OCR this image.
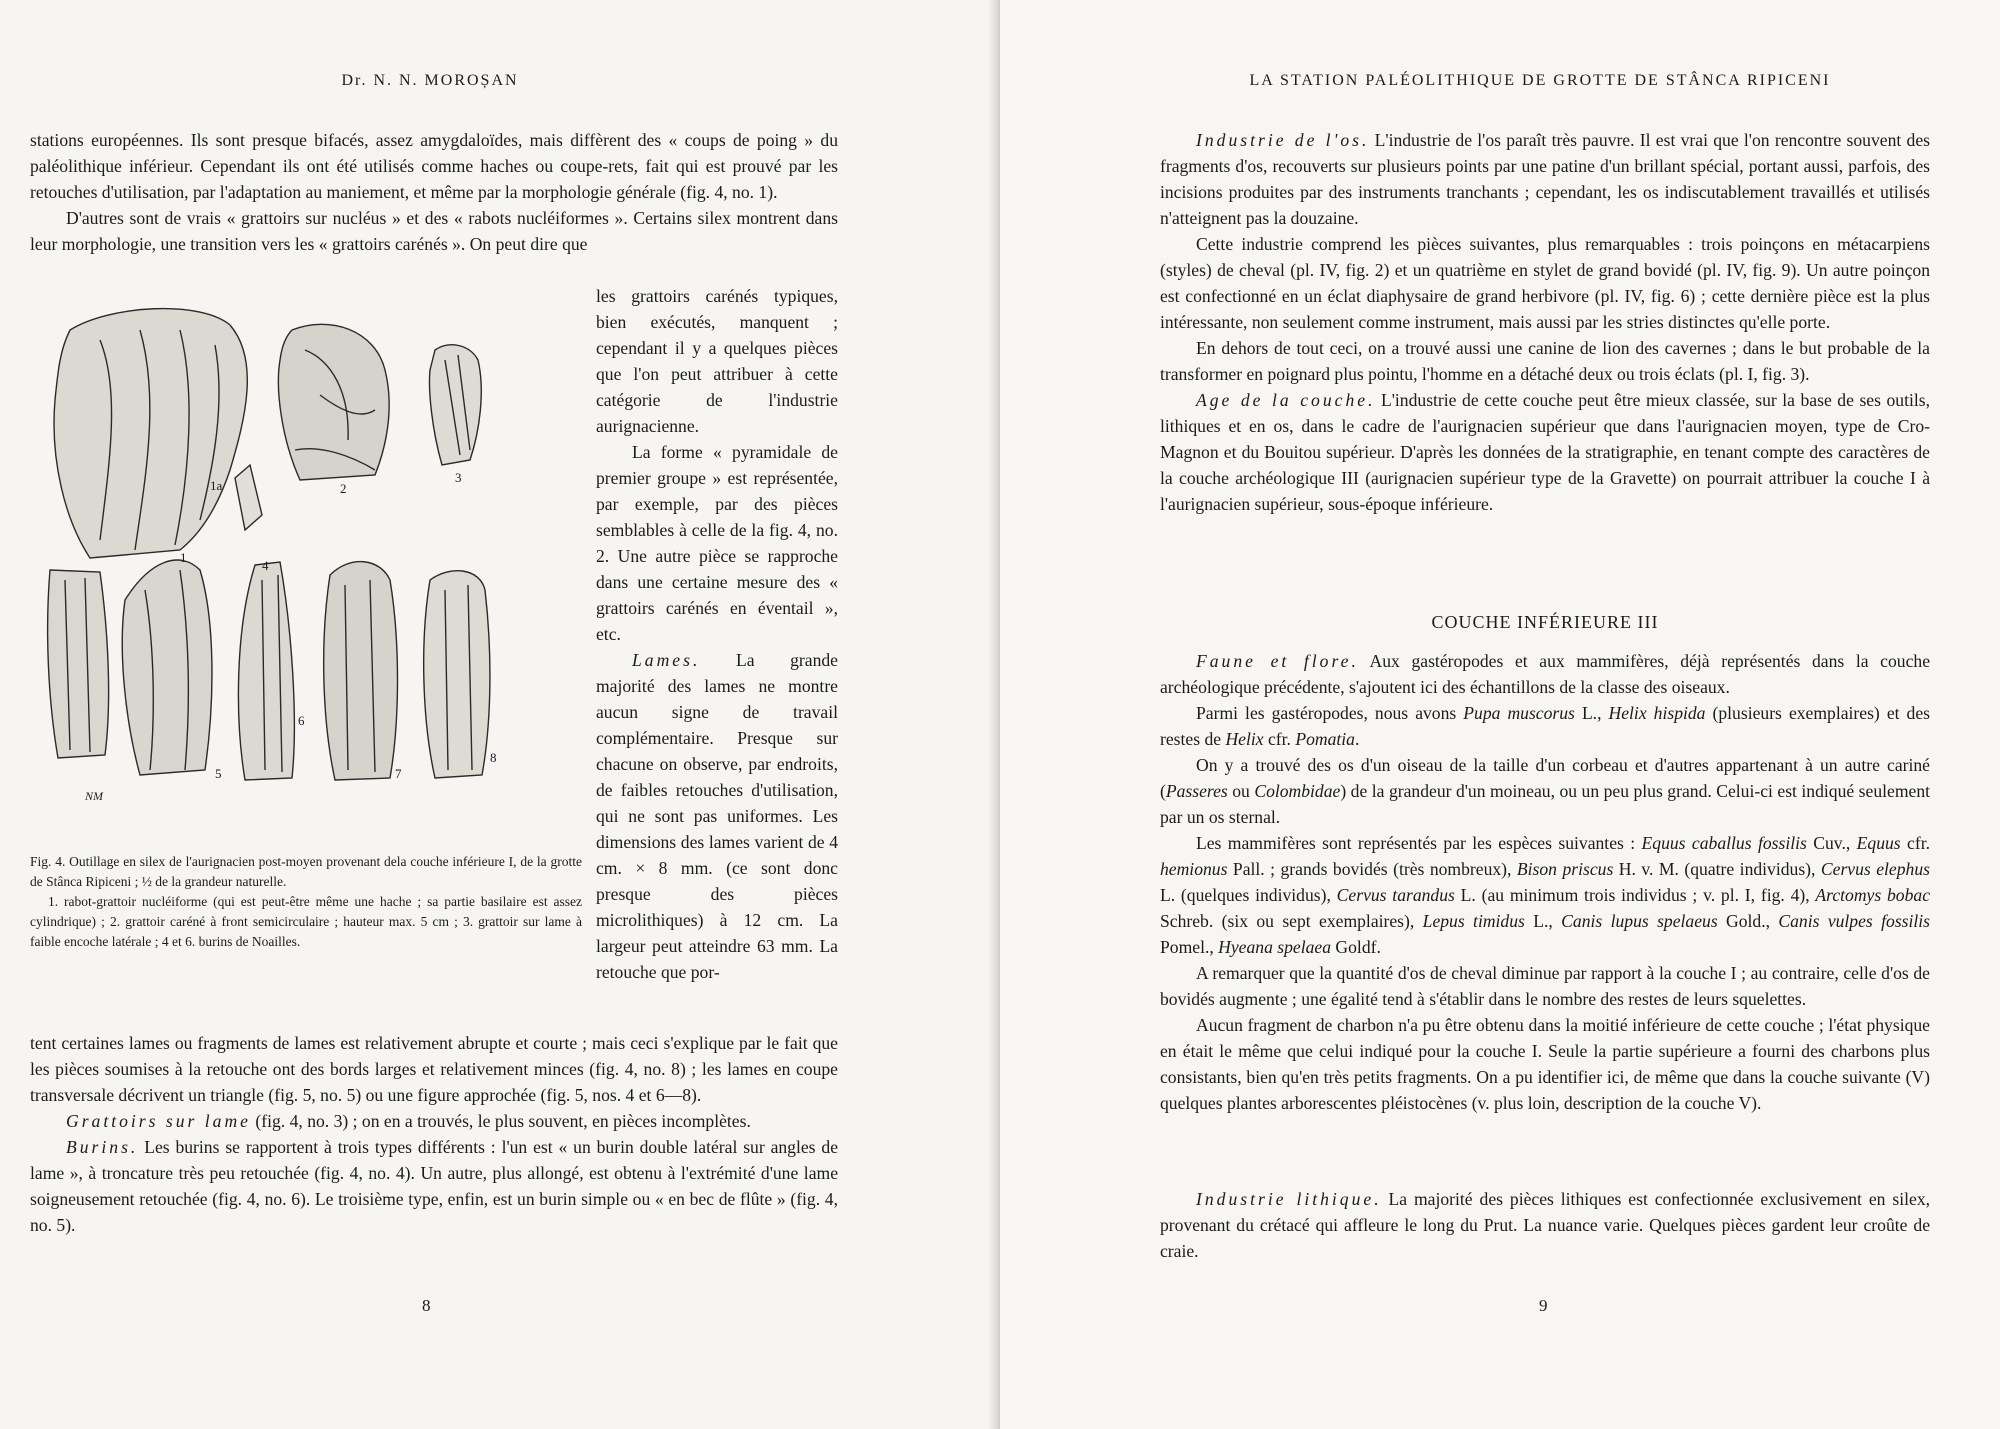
Dr. N. N. MOROȘAN

stations européennes. Ils sont presque bifacés, assez amygdaloïdes, mais diffèrent des « coups de poing » du paléolithique inférieur. Cependant ils ont été utilisés comme haches ou coupe-rets, fait qui est prouvé par les retouches d'utilisation, par l'adaptation au maniement, et même par la morphologie générale (fig. 4, no. 1).

D'autres sont de vrais « grattoirs sur nucléus » et des « rabots nucléiformes ». Certains silex montrent dans leur morphologie, une transition vers les « grattoirs carénés ». On peut dire que

1
1a	2
3
4
5
6
7
8
NM

Fig. 4. Outillage en silex de l'aurignacien post-moyen provenant dela couche inférieure I, de la grotte de Stânca Ripiceni ; ½ de la grandeur naturelle.

1. rabot-grattoir nucléiforme (qui est peut-être même une hache ; sa partie basilaire est assez cylindrique) ; 2. grattoir caréné à front semicirculaire ; hauteur max. 5 cm ; 3. grattoir sur lame à faible encoche latérale ; 4 et 6. burins de Noailles.

les grattoirs carénés typiques, bien exécutés, manquent ; cependant il y a quelques pièces que l'on peut attribuer à cette catégorie de l'industrie aurignacienne.

La forme « pyramidale de premier groupe » est représentée, par exemple, par des pièces semblables à celle de la fig. 4, no. 2. Une autre pièce se rapproche dans une certaine mesure des « grattoirs carénés en éventail », etc.

Lames. La grande majorité des lames ne montre aucun signe de travail complémentaire. Presque sur chacune on observe, par endroits, de faibles retouches d'utilisation, qui ne sont pas uniformes. Les dimensions des lames varient de 4 cm. × 8 mm. (ce sont donc presque des pièces microlithiques) à 12 cm. La largeur peut atteindre 63 mm. La retouche que por-

tent certaines lames ou fragments de lames est relativement abrupte et courte ; mais ceci s'explique par le fait que les pièces soumises à la retouche ont des bords larges et relativement minces (fig. 4, no. 8) ; les lames en coupe transversale décrivent un triangle (fig. 5, no. 5) ou une figure approchée (fig. 5, nos. 4 et 6—8).

Grattoirs sur lame (fig. 4, no. 3) ; on en a trouvés, le plus souvent, en pièces incomplètes.

Burins. Les burins se rapportent à trois types différents : l'un est « un burin double latéral sur angles de lame », à troncature très peu retouchée (fig. 4, no. 4). Un autre, plus allongé, est obtenu à l'extrémité d'une lame soigneusement retouchée (fig. 4, no. 6). Le troisième type, enfin, est un burin simple ou « en bec de flûte » (fig. 4, no. 5).

8
LA STATION PALÉOLITHIQUE DE GROTTE DE STÂNCA RIPICENI

Industrie de l'os. L'industrie de l'os paraît très pauvre. Il est vrai que l'on rencontre souvent des fragments d'os, recouverts sur plusieurs points par une patine d'un brillant spécial, portant aussi, parfois, des incisions produites par des instruments tranchants ; cependant, les os indiscutablement travaillés et utilisés n'atteignent pas la douzaine.

Cette industrie comprend les pièces suivantes, plus remarquables : trois poinçons en métacarpiens (styles) de cheval (pl. IV, fig. 2) et un quatrième en stylet de grand bovidé (pl. IV, fig. 9). Un autre poinçon est confectionné en un éclat diaphysaire de grand herbivore (pl. IV, fig. 6) ; cette dernière pièce est la plus intéressante, non seulement comme instrument, mais aussi par les stries distinctes qu'elle porte.

En dehors de tout ceci, on a trouvé aussi une canine de lion des cavernes ; dans le but probable de la transformer en poignard plus pointu, l'homme en a détaché deux ou trois éclats (pl. I, fig. 3).

Age de la couche. L'industrie de cette couche peut être mieux classée, sur la base de ses outils, lithiques et en os, dans le cadre de l'aurignacien supérieur que dans l'aurignacien moyen, type de Cro-Magnon et du Bouitou supérieur. D'après les données de la stratigraphie, en tenant compte des caractères de la couche archéologique III (aurignacien supérieur type de la Gravette) on pourrait attribuer la couche I à l'aurignacien supérieur, sous-époque inférieure.

COUCHE INFÉRIEURE III

Faune et flore. Aux gastéropodes et aux mammifères, déjà représentés dans la couche archéologique précédente, s'ajoutent ici des échantillons de la classe des oiseaux.

Parmi les gastéropodes, nous avons Pupa muscorus L., Helix hispida (plusieurs exemplaires) et des restes de Helix cfr. Pomatia.

On y a trouvé des os d'un oiseau de la taille d'un corbeau et d'autres appartenant à un autre cariné (Passeres ou Colombidae) de la grandeur d'un moineau, ou un peu plus grand. Celui-ci est indiqué seulement par un os sternal.

Les mammifères sont représentés par les espèces suivantes : Equus caballus fossilis Cuv., Equus cfr. hemionus Pall. ; grands bovidés (très nombreux), Bison priscus H. v. M. (quatre individus), Cervus elephus L. (quelques individus), Cervus tarandus L. (au minimum trois individus ; v. pl. I, fig. 4), Arctomys bobac Schreb. (six ou sept exemplaires), Lepus timidus L., Canis lupus spelaeus Gold., Canis vulpes fossilis Pomel., Hyeana spelaea Goldf.

A remarquer que la quantité d'os de cheval diminue par rapport à la couche I ; au contraire, celle d'os de bovidés augmente ; une égalité tend à s'établir dans le nombre des restes de leurs squelettes.

Aucun fragment de charbon n'a pu être obtenu dans la moitié inférieure de cette couche ; l'état physique en était le même que celui indiqué pour la couche I. Seule la partie supérieure a fourni des charbons plus consistants, bien qu'en très petits fragments. On a pu identifier ici, de même que dans la couche suivante (V) quelques plantes arborescentes pléistocènes (v. plus loin, description de la couche V).

Industrie lithique. La majorité des pièces lithiques est confectionnée exclusivement en silex, provenant du crétacé qui affleure le long du Prut. La nuance varie. Quelques pièces gardent leur croûte de craie.

9
